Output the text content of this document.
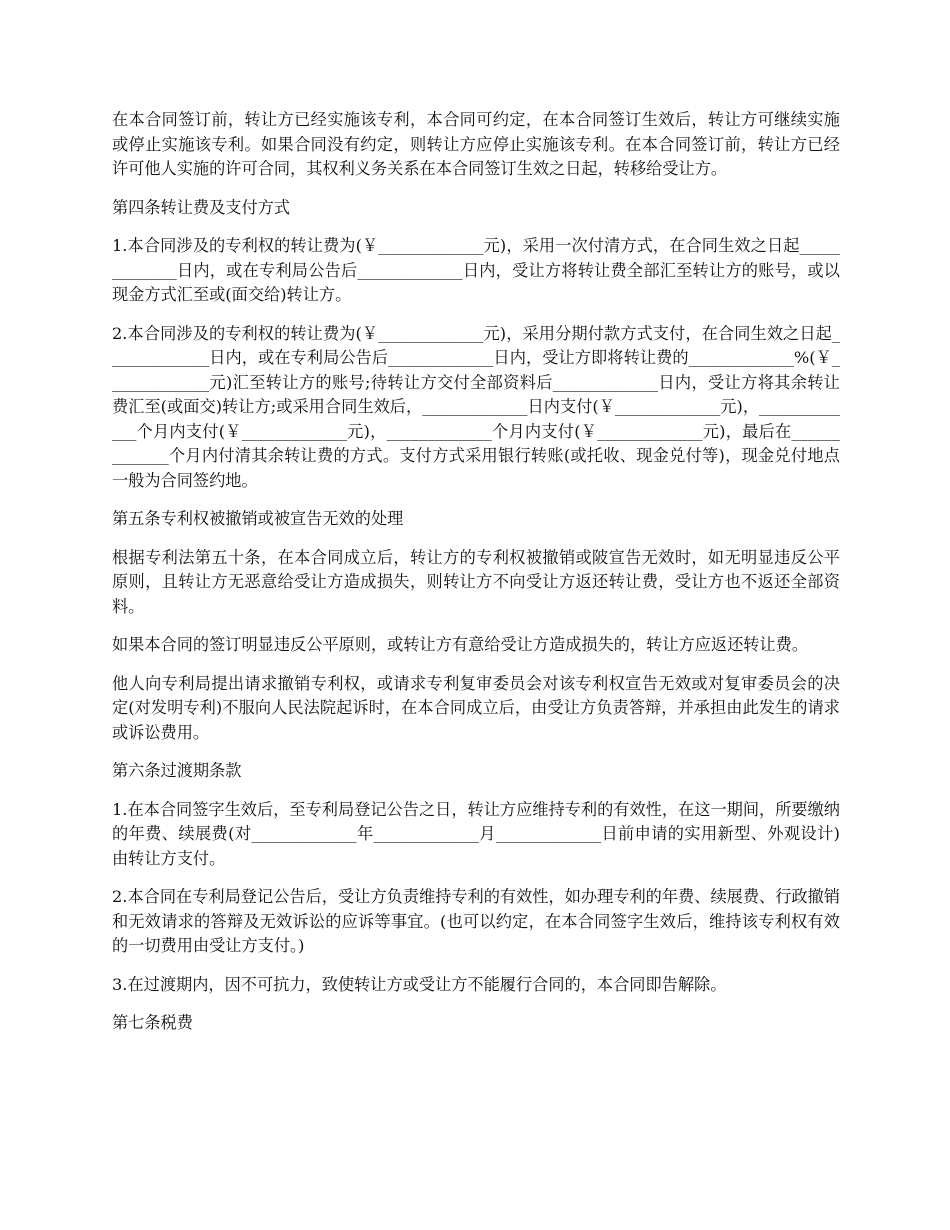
在本合同签订前，转让方已经实施该专利，本合同可约定，在本合同签订生效后，转让方可继续实施或停止实施该专利。如果合同没有约定，则转让方应停止实施该专利。在本合同签订前，转让方已经许可他人实施的许可合同，其权利义务关系在本合同签订生效之日起，转移给受让方。

第四条转让费及支付方式

1.本合同涉及的专利权的转让费为(￥_____________元)，采用一次付清方式，在合同生效之日起_____________日内，或在专利局公告后_____________日内，受让方将转让费全部汇至转让方的账号，或以现金方式汇至或(面交给)转让方。

2.本合同涉及的专利权的转让费为(￥_____________元)，采用分期付款方式支付，在合同生效之日起_____________日内，或在专利局公告后_____________日内，受让方即将转让费的_____________%(￥_____________元)汇至转让方的账号;待转让方交付全部资料后_____________日内，受让方将其余转让费汇至(或面交)转让方;或采用合同生效后，_____________日内支付(￥_____________元)，_____________个月内支付(￥_____________元)，_____________个月内支付(￥_____________元)，最后在_____________个月内付清其余转让费的方式。支付方式采用银行转账(或托收、现金兑付等)，现金兑付地点一般为合同签约地。

第五条专利权被撤销或被宣告无效的处理

根据专利法第五十条，在本合同成立后，转让方的专利权被撤销或陂宣告无效时，如无明显违反公平原则，且转让方无恶意给受让方造成损失，则转让方不向受让方返还转让费，受让方也不返还全部资料。

如果本合同的签订明显违反公平原则，或转让方有意给受让方造成损失的，转让方应返还转让费。

他人向专利局提出请求撤销专利权，或请求专利复审委员会对该专利权宣告无效或对复审委员会的决定(对发明专利)不服向人民法院起诉时，在本合同成立后，由受让方负责答辩，并承担由此发生的请求或诉讼费用。

第六条过渡期条款

1.在本合同签字生效后，至专利局登记公告之日，转让方应维持专利的有效性，在这一期间，所要缴纳的年费、续展费(对_____________年_____________月_____________日前申请的实用新型、外观设计)由转让方支付。

2.本合同在专利局登记公告后，受让方负责维持专利的有效性，如办理专利的年费、续展费、行政撤销和无效请求的答辩及无效诉讼的应诉等事宜。(也可以约定，在本合同签字生效后，维持该专利权有效的一切费用由受让方支付。)

3.在过渡期内，因不可抗力，致使转让方或受让方不能履行合同的，本合同即告解除。

第七条税费
